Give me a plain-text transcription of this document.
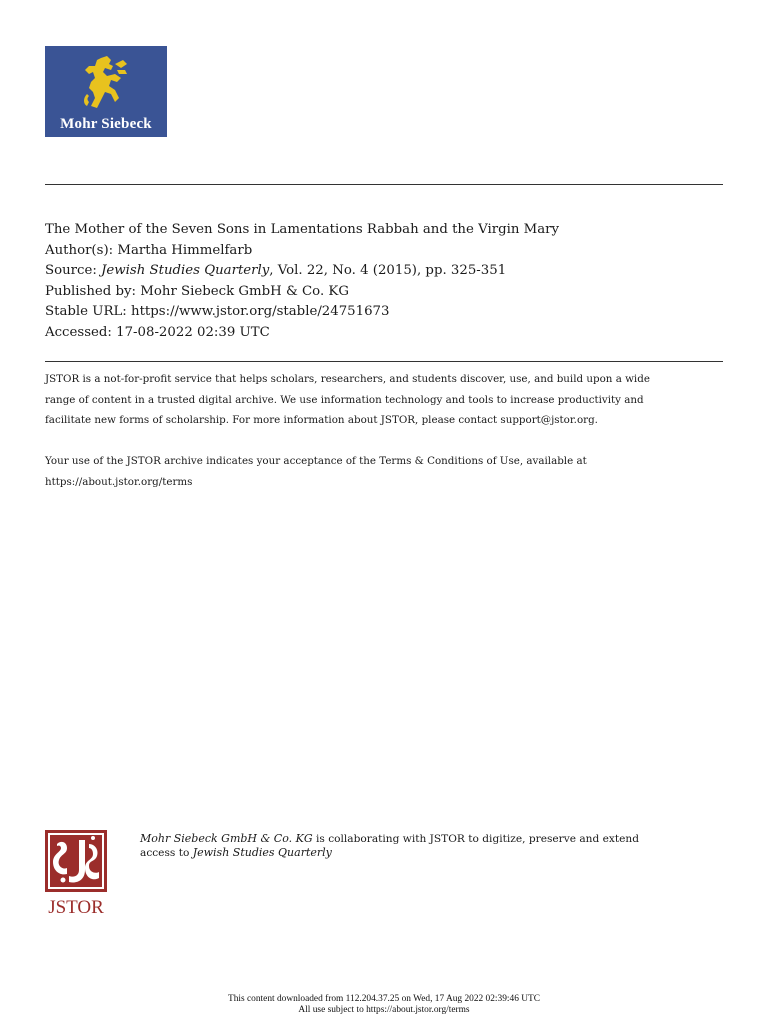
Mohr Siebeck
The Mother of the Seven Sons in Lamentations Rabbah and the Virgin Mary
Author(s): Martha Himmelfarb
Source: Jewish Studies Quarterly, Vol. 22, No. 4 (2015), pp. 325-351
Published by: Mohr Siebeck GmbH & Co. KG
Stable URL: https://www.jstor.org/stable/24751673
Accessed: 17-08-2022 02:39 UTC

JSTOR is a not-for-profit service that helps scholars, researchers, and students discover, use, and build upon a wide
range of content in a trusted digital archive. We use information technology and tools to increase productivity and
facilitate new forms of scholarship. For more information about JSTOR, please contact support@jstor.org.

Your use of the JSTOR archive indicates your acceptance of the Terms & Conditions of Use, available at
https://about.jstor.org/terms

JSTOR
Mohr Siebeck GmbH & Co. KG is collaborating with JSTOR to digitize, preserve and extend
access to Jewish Studies Quarterly
This content downloaded from 112.204.37.25 on Wed, 17 Aug 2022 02:39:46 UTC
All use subject to https://about.jstor.org/terms
